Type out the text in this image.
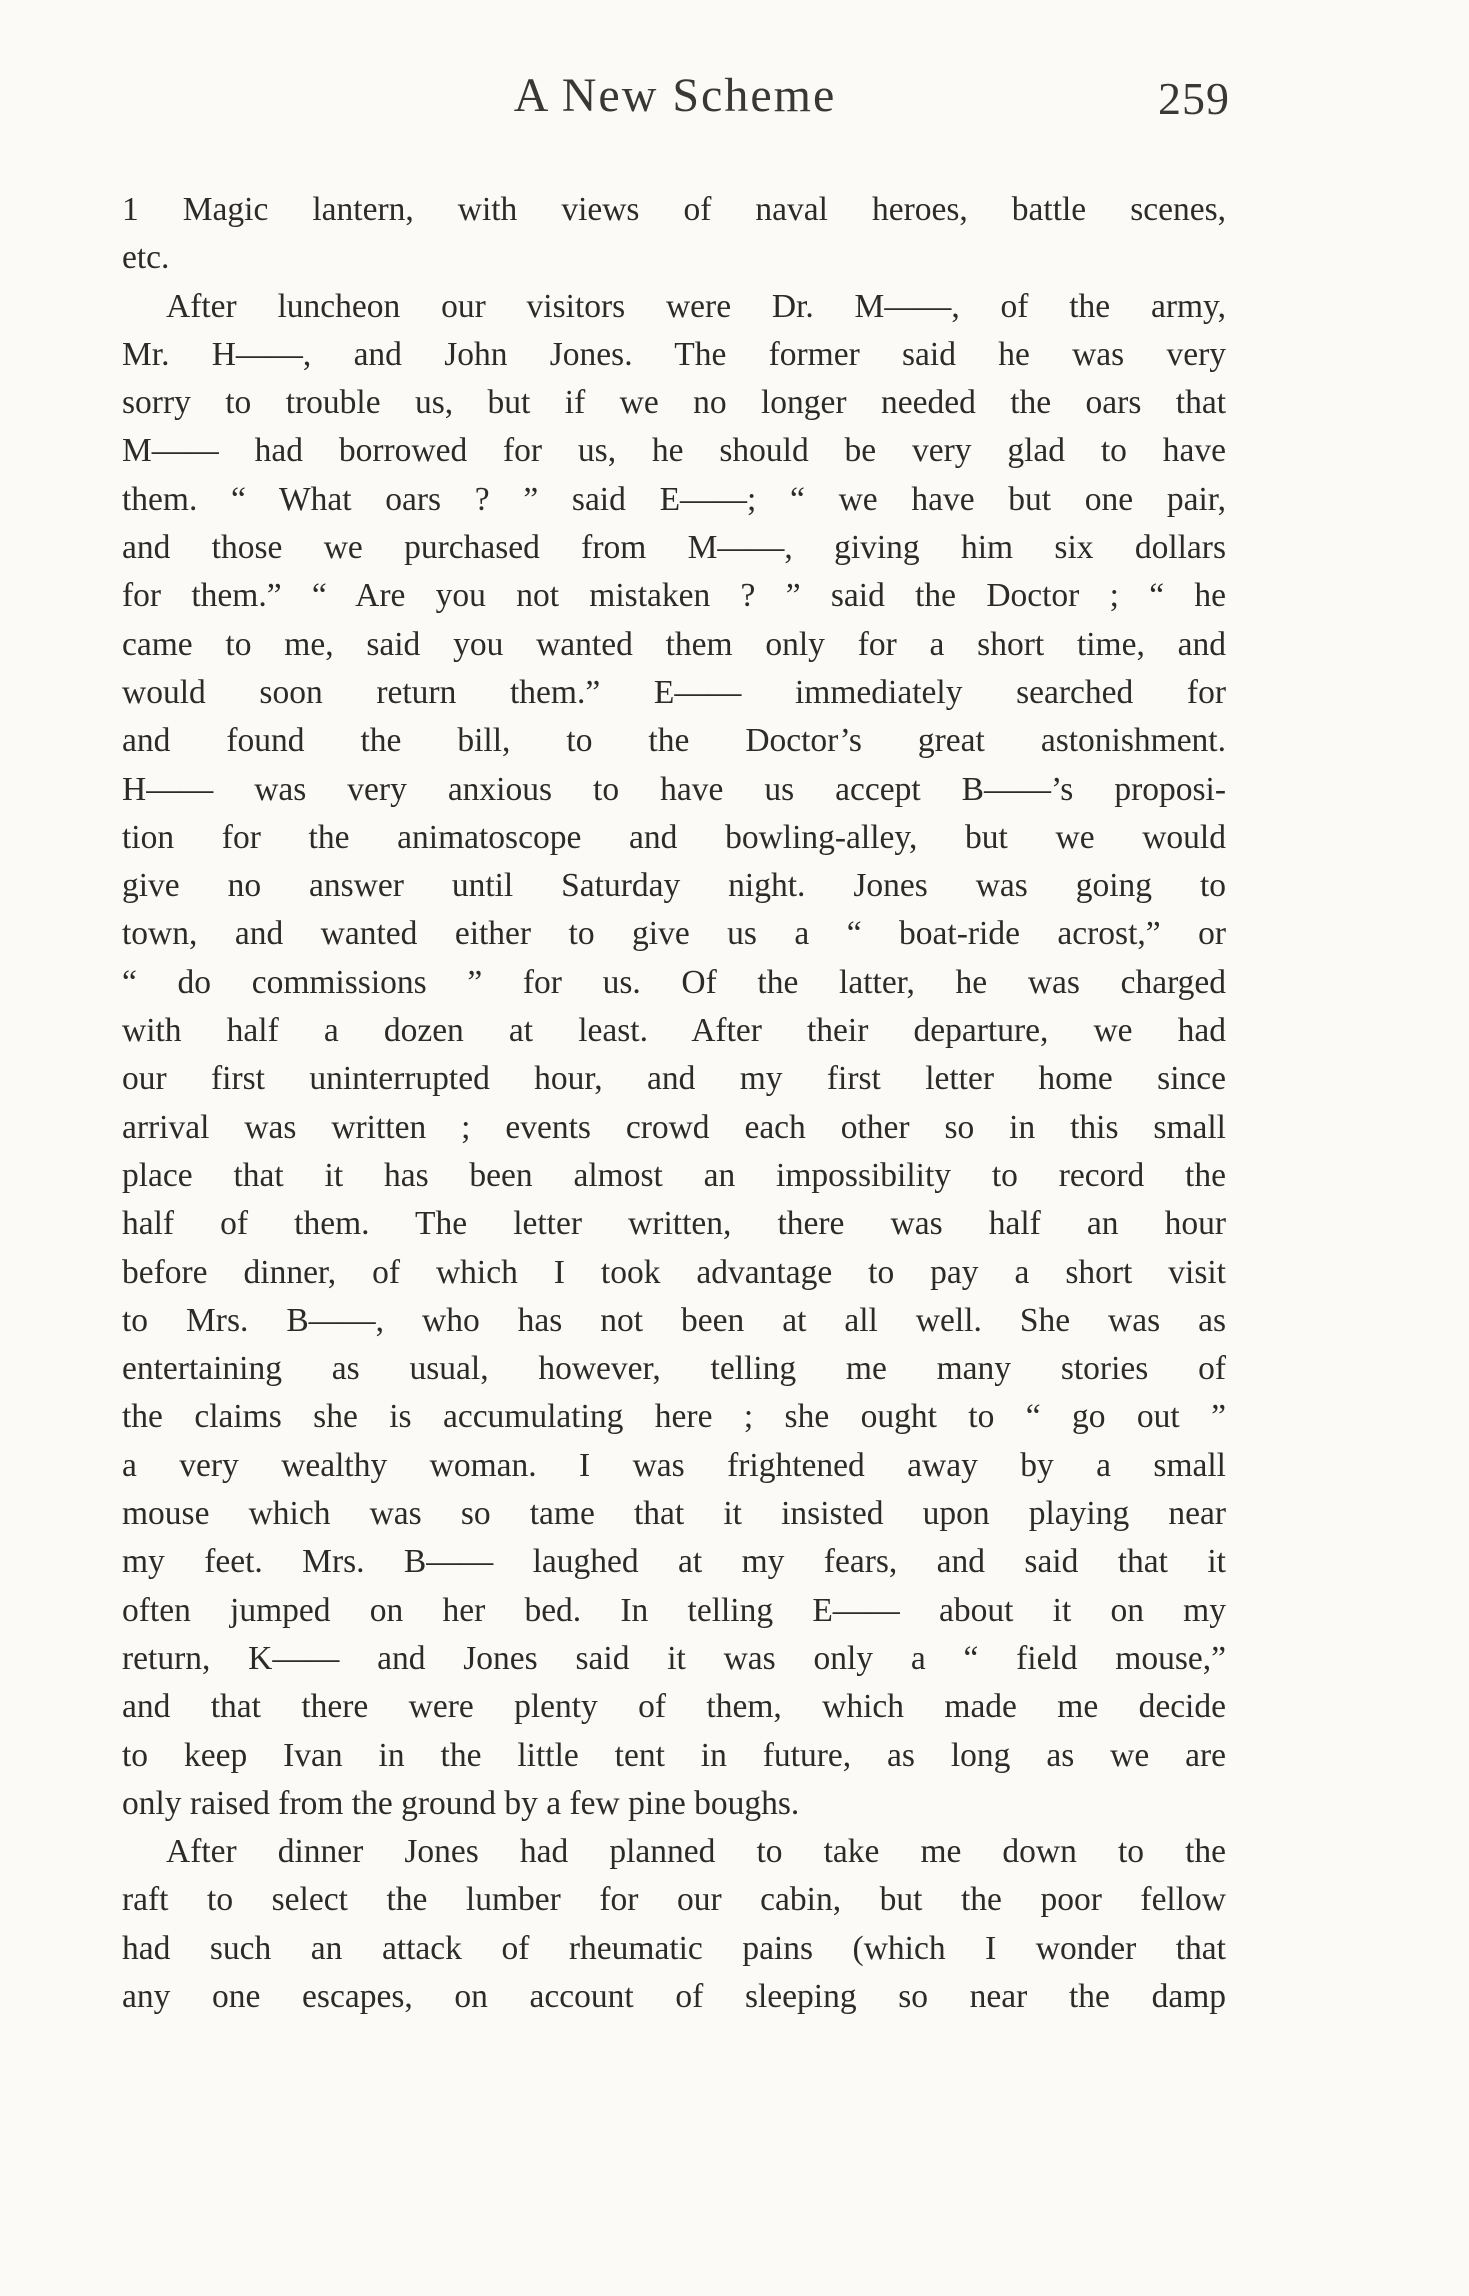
A New Scheme	259
1 Magic lantern, with views of naval heroes, battle scenes,
etc.
After luncheon our visitors were Dr. M——, of the army,
Mr. H——, and John Jones. The former said he was very
sorry to trouble us, but if we no longer needed the oars that
M—— had borrowed for us, he should be very glad to have
them. “ What oars ? ” said E——; “ we have but one pair,
and those we purchased from M——, giving him six dollars
for them.” “ Are you not mistaken ? ” said the Doctor ; “ he
came to me, said you wanted them only for a short time, and
would soon return them.” E—— immediately searched for
and found the bill, to the Doctor’s great astonishment.
H—— was very anxious to have us accept B——’s proposi-
tion for the animatoscope and bowling-alley, but we would
give no answer until Saturday night. Jones was going to
town, and wanted either to give us a “ boat-ride acrost,” or
“ do commissions ” for us. Of the latter, he was charged
with half a dozen at least. After their departure, we had
our first uninterrupted hour, and my first letter home since
arrival was written ; events crowd each other so in this small
place that it has been almost an impossibility to record the
half of them. The letter written, there was half an hour
before dinner, of which I took advantage to pay a short visit
to Mrs. B——, who has not been at all well. She was as
entertaining as usual, however, telling me many stories of
the claims she is accumulating here ; she ought to “ go out ”
a very wealthy woman. I was frightened away by a small
mouse which was so tame that it insisted upon playing near
my feet. Mrs. B—— laughed at my fears, and said that it
often jumped on her bed. In telling E—— about it on my
return, K—— and Jones said it was only a “ field mouse,”
and that there were plenty of them, which made me decide
to keep Ivan in the little tent in future, as long as we are
only raised from the ground by a few pine boughs.
After dinner Jones had planned to take me down to the
raft to select the lumber for our cabin, but the poor fellow
had such an attack of rheumatic pains (which I wonder that
any one escapes, on account of sleeping so near the damp
